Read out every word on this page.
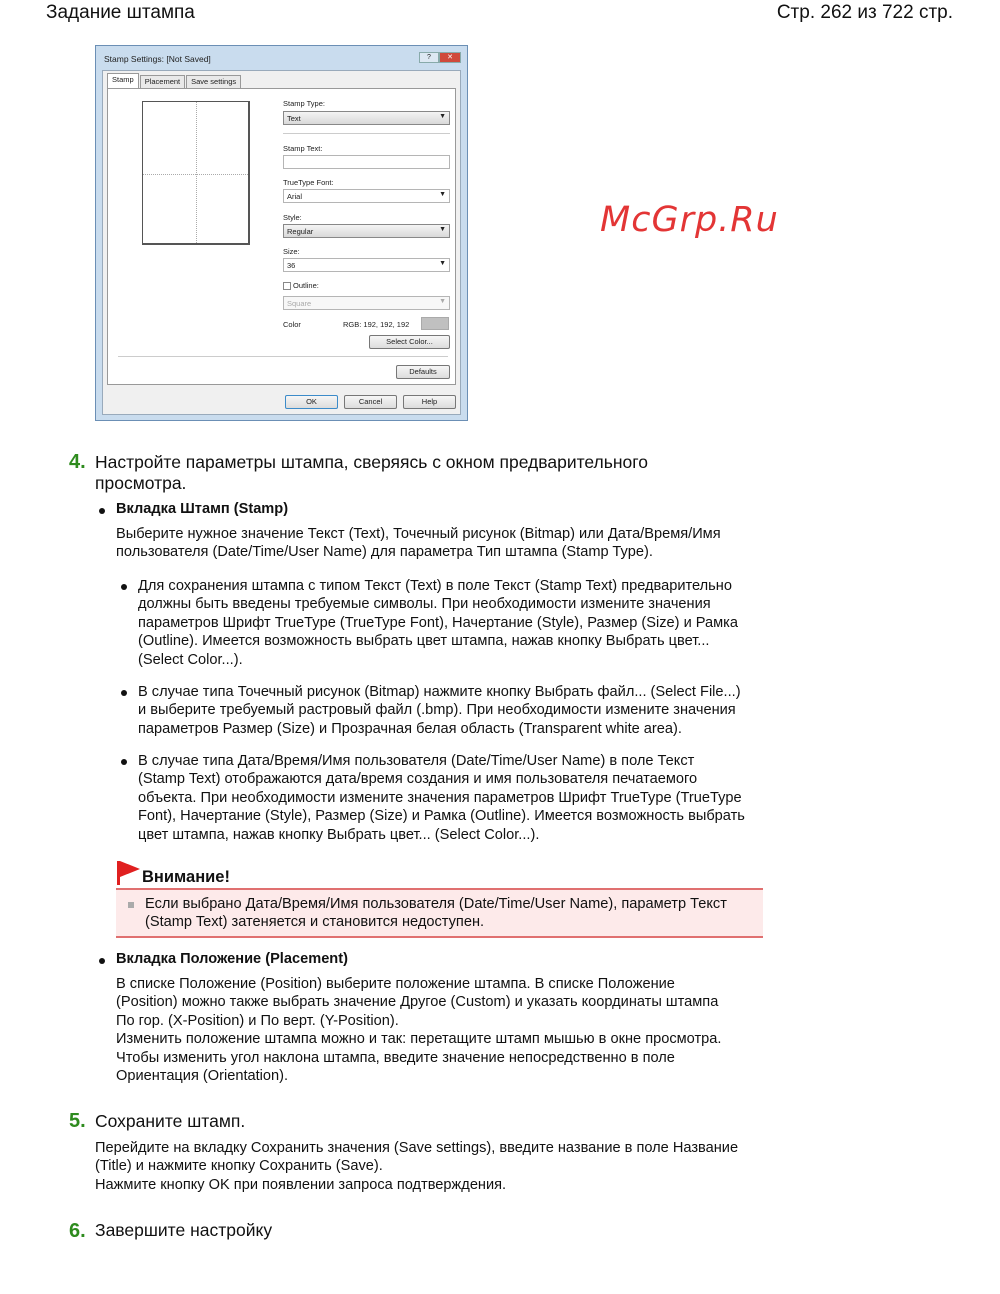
Задание штампа	Стр. 262 из 722 стр.
Stamp Settings: [Not Saved]	?	✕
Stamp	Placement	Save settings
Stamp Type:
Text	▼
Stamp Text:
TrueType Font:
Arial	▼
Style:
Regular	▼
Size:
36	▼
Outline:
Square	▼
Color	RGB: 192, 192, 192
Select Color...
Defaults
OK	Cancel	Help
4. Настройте параметры штампа, сверяясь с окном предварительного
просмотра.
Вкладка Штамп (Stamp)
Выберите нужное значение Текст (Text), Точечный рисунок (Bitmap) или Дата/Время/Имя
пользователя (Date/Time/User Name) для параметра Тип штампа (Stamp Type).
Для сохранения штампа с типом Текст (Text) в поле Текст (Stamp Text) предварительно
должны быть введены требуемые символы. При необходимости измените значения
параметров Шрифт TrueType (TrueType Font), Начертание (Style), Размер (Size) и Рамка
(Outline). Имеется возможность выбрать цвет штампа, нажав кнопку Выбрать цвет...
(Select Color...).
В случае типа Точечный рисунок (Bitmap) нажмите кнопку Выбрать файл... (Select File...)
и выберите требуемый растровый файл (.bmp). При необходимости измените значения
параметров Размер (Size) и Прозрачная белая область (Transparent white area).
В случае типа Дата/Время/Имя пользователя (Date/Time/User Name) в поле Текст
(Stamp Text) отображаются дата/время создания и имя пользователя печатаемого
объекта. При необходимости измените значения параметров Шрифт TrueType (TrueType
Font), Начертание (Style), Размер (Size) и Рамка (Outline). Имеется возможность выбрать
цвет штампа, нажав кнопку Выбрать цвет... (Select Color...).
Внимание!
Если выбрано Дата/Время/Имя пользователя (Date/Time/User Name), параметр Текст
(Stamp Text) затеняется и становится недоступен.
Вкладка Положение (Placement)
В списке Положение (Position) выберите положение штампа. В списке Положение
(Position) можно также выбрать значение Другое (Custom) и указать координаты штампа
По гор. (X-Position) и По верт. (Y-Position).
Изменить положение штампа можно и так: перетащите штамп мышью в окне просмотра.
Чтобы изменить угол наклона штампа, введите значение непосредственно в поле
Ориентация (Orientation).
5. Сохраните штамп.
Перейдите на вкладку Сохранить значения (Save settings), введите название в поле Название
(Title) и нажмите кнопку Сохранить (Save).
Нажмите кнопку OK при появлении запроса подтверждения.
6. Завершите настройку
McGrp.Ru
